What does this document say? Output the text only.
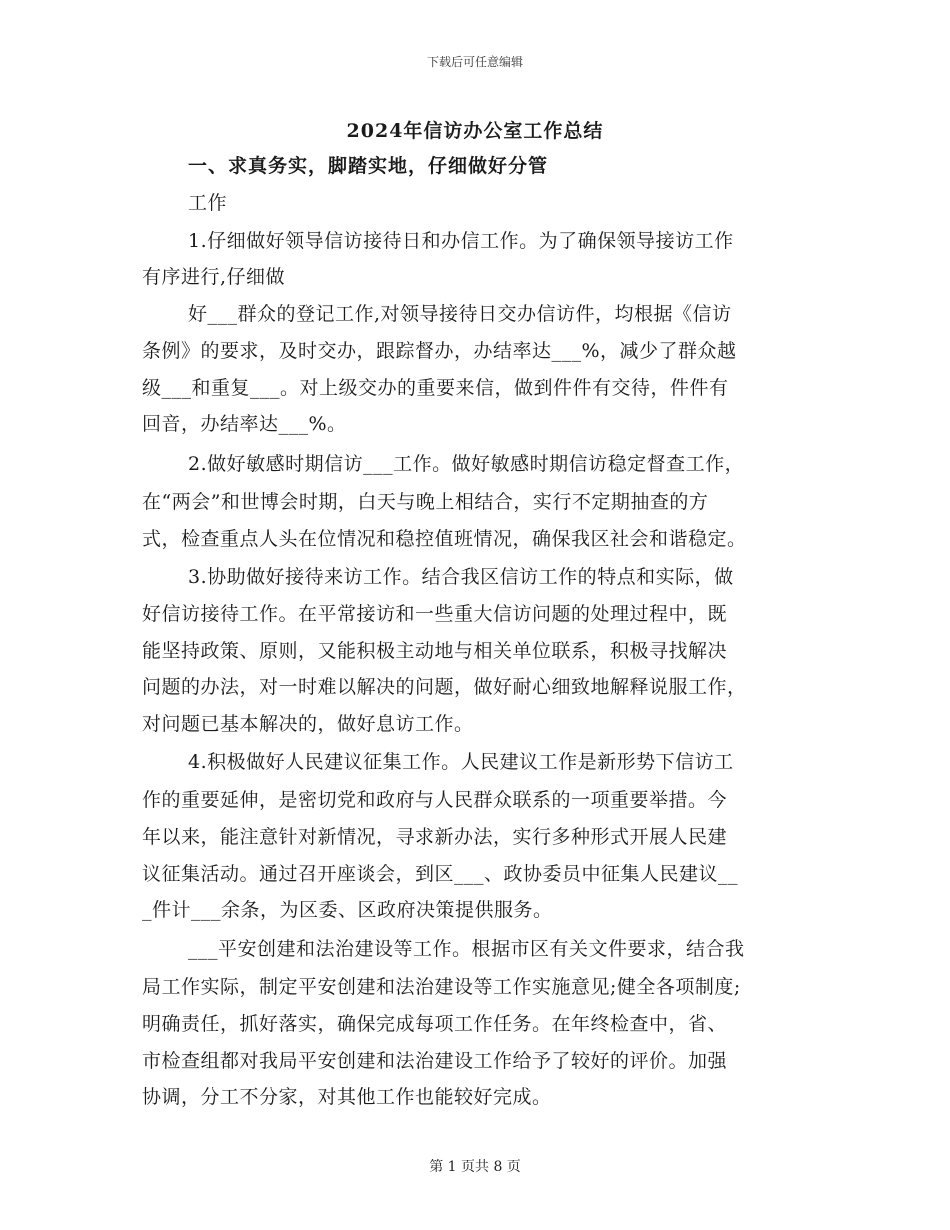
下载后可任意编辑
2024年信访办公室工作总结
一、求真务实，脚踏实地，仔细做好分管
工作
1.仔细做好领导信访接待日和办信工作。为了确保领导接访工作
有序进行,仔细做
好___群众的登记工作,对领导接待日交办信访件，均根据《信访
条例》的要求，及时交办，跟踪督办，办结率达___%，减少了群众越
级___和重复___。对上级交办的重要来信，做到件件有交待，件件有
回音，办结率达___%。
2.做好敏感时期信访___工作。做好敏感时期信访稳定督查工作，
在“两会”和世博会时期，白天与晚上相结合，实行不定期抽查的方
式，检查重点人头在位情况和稳控值班情况，确保我区社会和谐稳定。
3.协助做好接待来访工作。结合我区信访工作的特点和实际，做
好信访接待工作。在平常接访和一些重大信访问题的处理过程中，既
能坚持政策、原则，又能积极主动地与相关单位联系，积极寻找解决
问题的办法，对一时难以解决的问题，做好耐心细致地解释说服工作，
对问题已基本解决的，做好息访工作。
4.积极做好人民建议征集工作。人民建议工作是新形势下信访工
作的重要延伸，是密切党和政府与人民群众联系的一项重要举措。今
年以来，能注意针对新情况，寻求新办法，实行多种形式开展人民建
议征集活动。通过召开座谈会，到区___、政协委员中征集人民建议__
_件计___余条，为区委、区政府决策提供服务。
___平安创建和法治建设等工作。根据市区有关文件要求，结合我
局工作实际，制定平安创建和法治建设等工作实施意见;健全各项制度;
明确责任，抓好落实，确保完成每项工作任务。在年终检查中，省、
市检查组都对我局平安创建和法治建设工作给予了较好的评价。加强
协调，分工不分家，对其他工作也能较好完成。
第 1 页共 8 页
